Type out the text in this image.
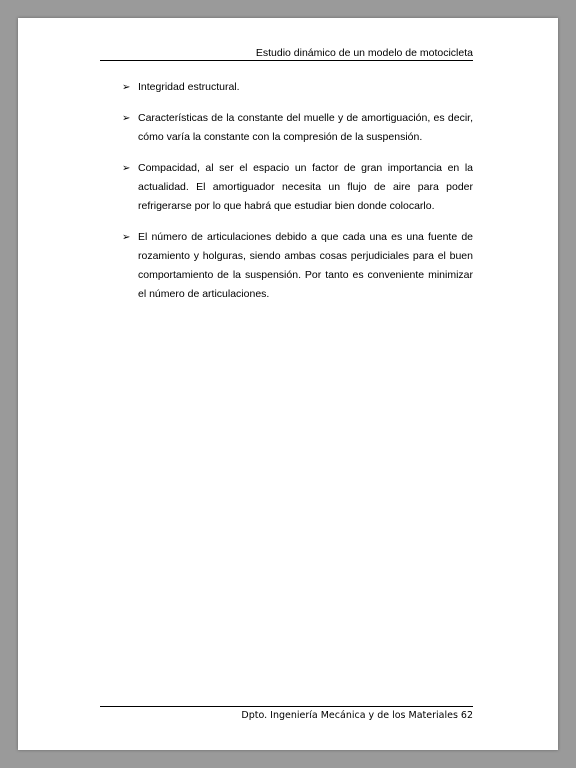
Estudio dinámico de un modelo de motocicleta
➢ Integridad estructural.
➢ Características de la constante del muelle y de amortiguación, es decir, cómo varía la constante con la compresión de la suspensión.
➢ Compacidad, al ser el espacio un factor de gran importancia en la actualidad. El amortiguador necesita un flujo de aire para poder refrigerarse por lo que habrá que estudiar bien donde colocarlo.
➢ El número de articulaciones debido a que cada una es una fuente de rozamiento y holguras, siendo ambas cosas perjudiciales para el buen comportamiento de la suspensión. Por tanto es conveniente minimizar el número de articulaciones.
Dpto. Ingeniería Mecánica y de los Materiales 62
